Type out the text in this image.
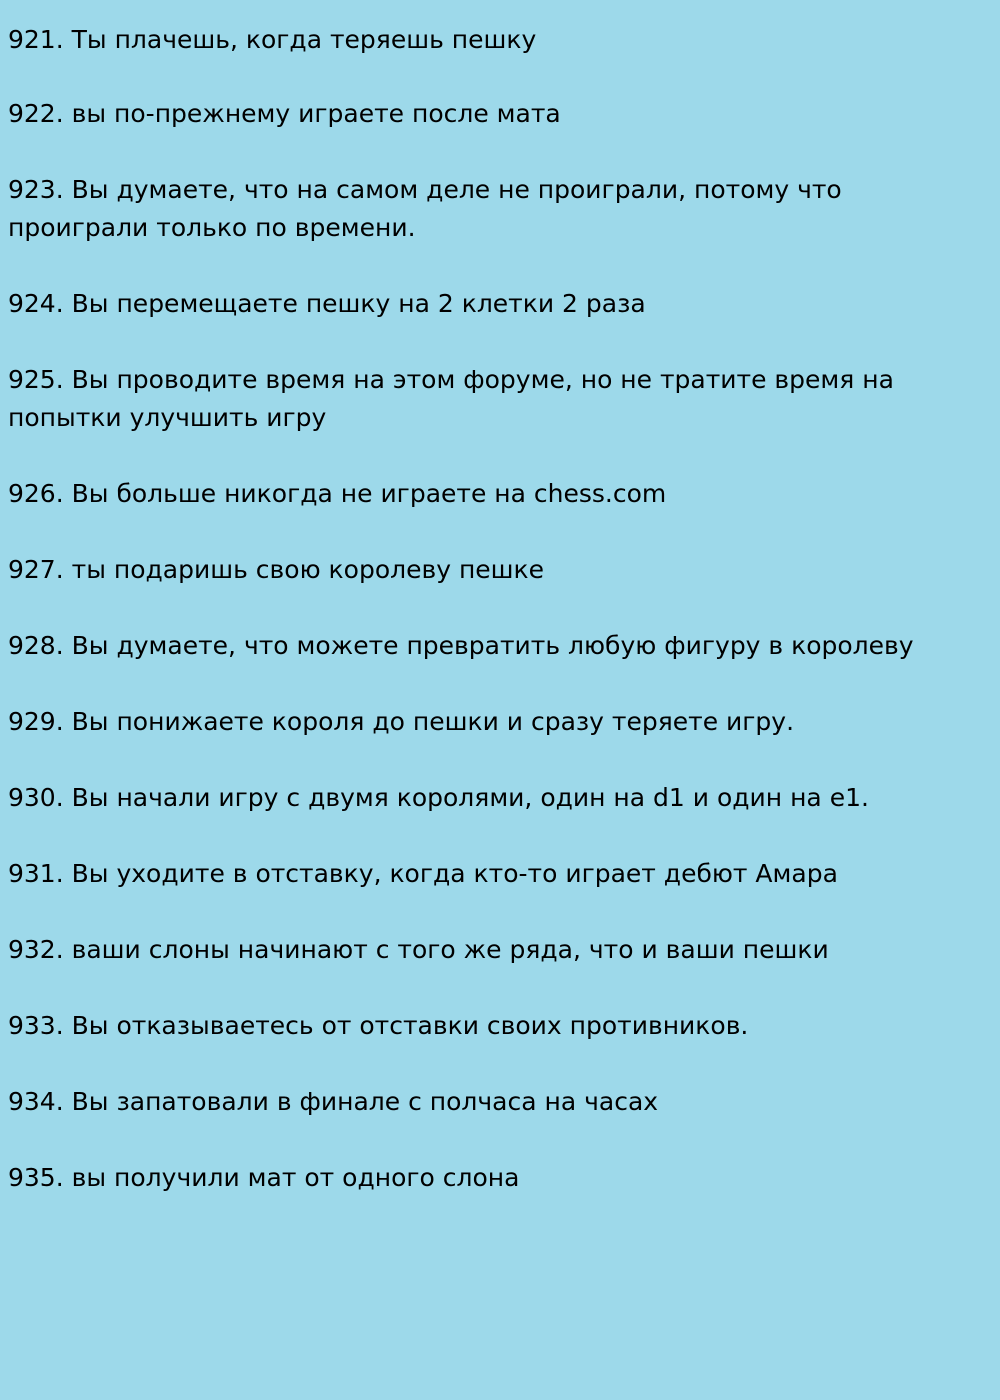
921. Ты плачешь, когда теряешь пешку
922. вы по-прежнему играете после мата
923. Вы думаете, что на самом деле не проиграли, потому что проиграли только по времени.
924. Вы перемещаете пешку на 2 клетки 2 раза
925. Вы проводите время на этом форуме, но не тратите время на попытки улучшить игру
926. Вы больше никогда не играете на chess.com
927. ты подаришь свою королеву пешке
928. Вы думаете, что можете превратить любую фигуру в королеву
929. Вы понижаете короля до пешки и сразу теряете игру.
930. Вы начали игру с двумя королями, один на d1 и один на e1.
931. Вы уходите в отставку, когда кто-то играет дебют Амара
932. ваши слоны начинают с того же ряда, что и ваши пешки
933. Вы отказываетесь от отставки своих противников.
934. Вы запатовали в финале с полчаса на часах
935. вы получили мат от одного слона
